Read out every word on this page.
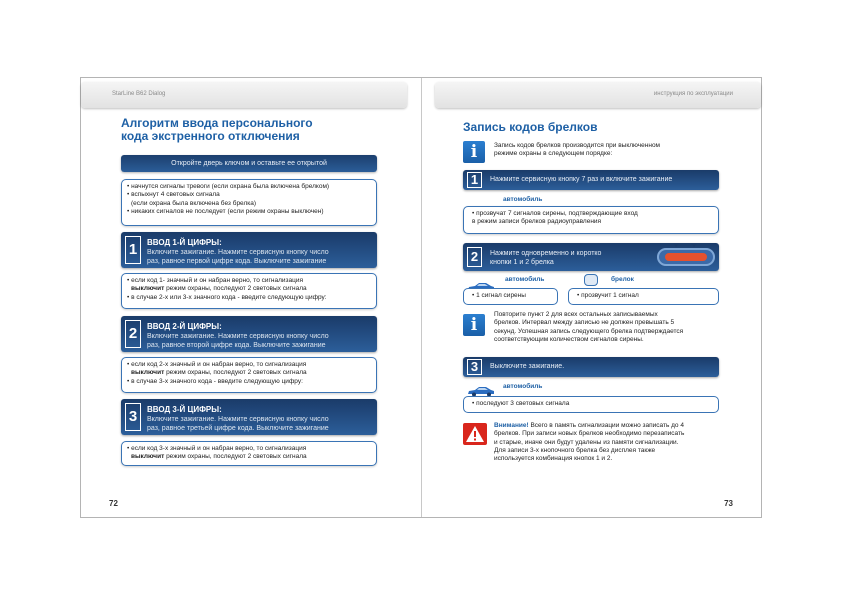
StarLine B62 Dialog	инструкция по эксплуатации
72	73
Алгоритм ввода персонального
кода экстренного отключения
Откройте дверь ключом и оставьте ее открытой
• начнутся сигналы тревоги (если охрана была включена брелком)
• вспыхнут 4 световых сигнала
(если охрана была включена без брелка)
• никаких сигналов не последует (если режим охраны выключен)
1	ВВОД 1-Й ЦИФРЫ:
Включите зажигание. Нажмите сервисную кнопку число
раз, равное первой цифре кода. Выключите зажигание
• если код 1- значный и он набран верно, то сигнализация
выключит режим охраны, последуют 2 световых сигнала
• в случае 2-х или 3-х значного кода - введите следующую цифру:
2	ВВОД 2-Й ЦИФРЫ:
Включите зажигание. Нажмите сервисную кнопку число
раз, равное второй цифре кода. Выключите зажигание
• если код 2-х значный и он набран верно, то сигнализация
выключит режим охраны, последуют 2 световых сигнала
• в случае 3-х значного кода - введите следующую цифру:
3	ВВОД 3-Й ЦИФРЫ:
Включите зажигание. Нажмите сервисную кнопку число
раз, равное третьей цифре кода. Выключите зажигание
• если код 3-х значный и он набран верно, то сигнализация
выключит режим охраны, последуют 2 световых сигнала
Запись кодов брелков
i	Запись кодов брелков производится при выключенном
режиме охраны в следующем порядке:
1	Нажмите сервисную кнопку 7 раз и включите зажигание
автомобиль
• прозвучат 7 сигналов сирены, подтверждающие вход
в режим записи брелков радиоуправления
2	Нажмите одновременно и коротко
кнопки 1 и 2 брелка
автомобиль	брелок
• 1 сигнал сирены	• прозвучит 1 сигнал
i
Повторите пункт 2 для всех остальных записываемых
брелков. Интервал между записью не должен превышать 5
секунд. Успешная запись следующего брелка подтверждается
соответствующим количеством сигналов сирены.
3	Выключите зажигание.
автомобиль
• последуют 3 световых сигнала
Внимание! Всего в память сигнализации можно записать до 4
брелков. При записи новых брелков необходимо перезаписать
и старые, иначе они будут удалены из памяти сигнализации.
Для записи 3-х кнопочного брелка без дисплея также
используется комбинация кнопок 1 и 2.
